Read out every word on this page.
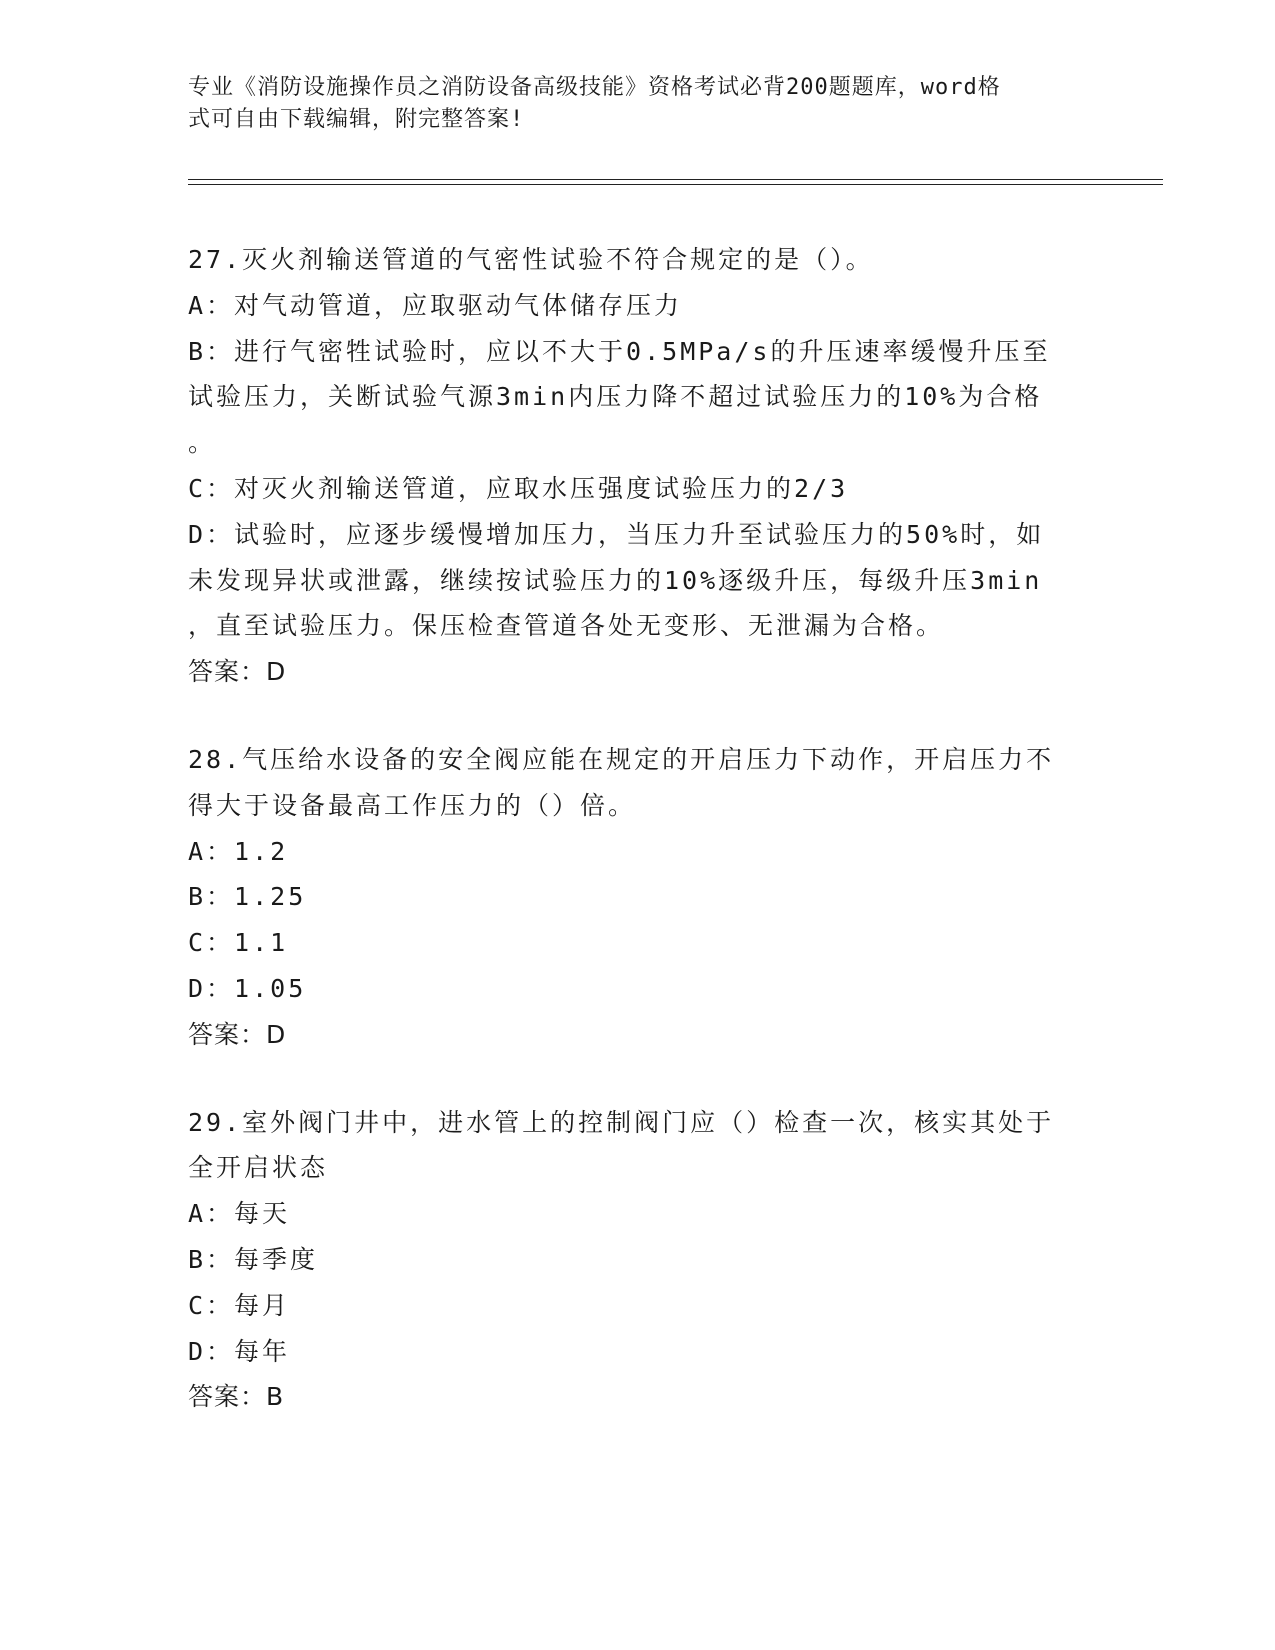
专业《消防设施操作员之消防设备高级技能》资格考试必背200题题库，word格
式可自由下载编辑，附完整答案!
27.灭火剂输送管道的气密性试验不符合规定的是（）。
A：对气动管道，应取驱动气体储存压力
B：进行气密牲试验时，应以不大于0.5MPa/s的升压速率缓慢升压至
试验压力，关断试验气源3min内压力降不超过试验压力的10%为合格
。
C：对灭火剂输送管道，应取水压强度试验压力的2/3
D：试验时，应逐步缓慢增加压力，当压力升至试验压力的50%时，如
未发现异状或泄露，继续按试验压力的10%逐级升压，每级升压3min
，直至试验压力。保压检查管道各处无变形、无泄漏为合格。
答案：D
28.气压给水设备的安全阀应能在规定的开启压力下动作，开启压力不
得大于设备最高工作压力的（）倍。
A：1.2
B：1.25
C：1.1
D：1.05
答案：D
29.室外阀门井中，进水管上的控制阀门应（）检查一次，核实其处于
全开启状态
A：每天
B：每季度
C：每月
D：每年
答案：B
